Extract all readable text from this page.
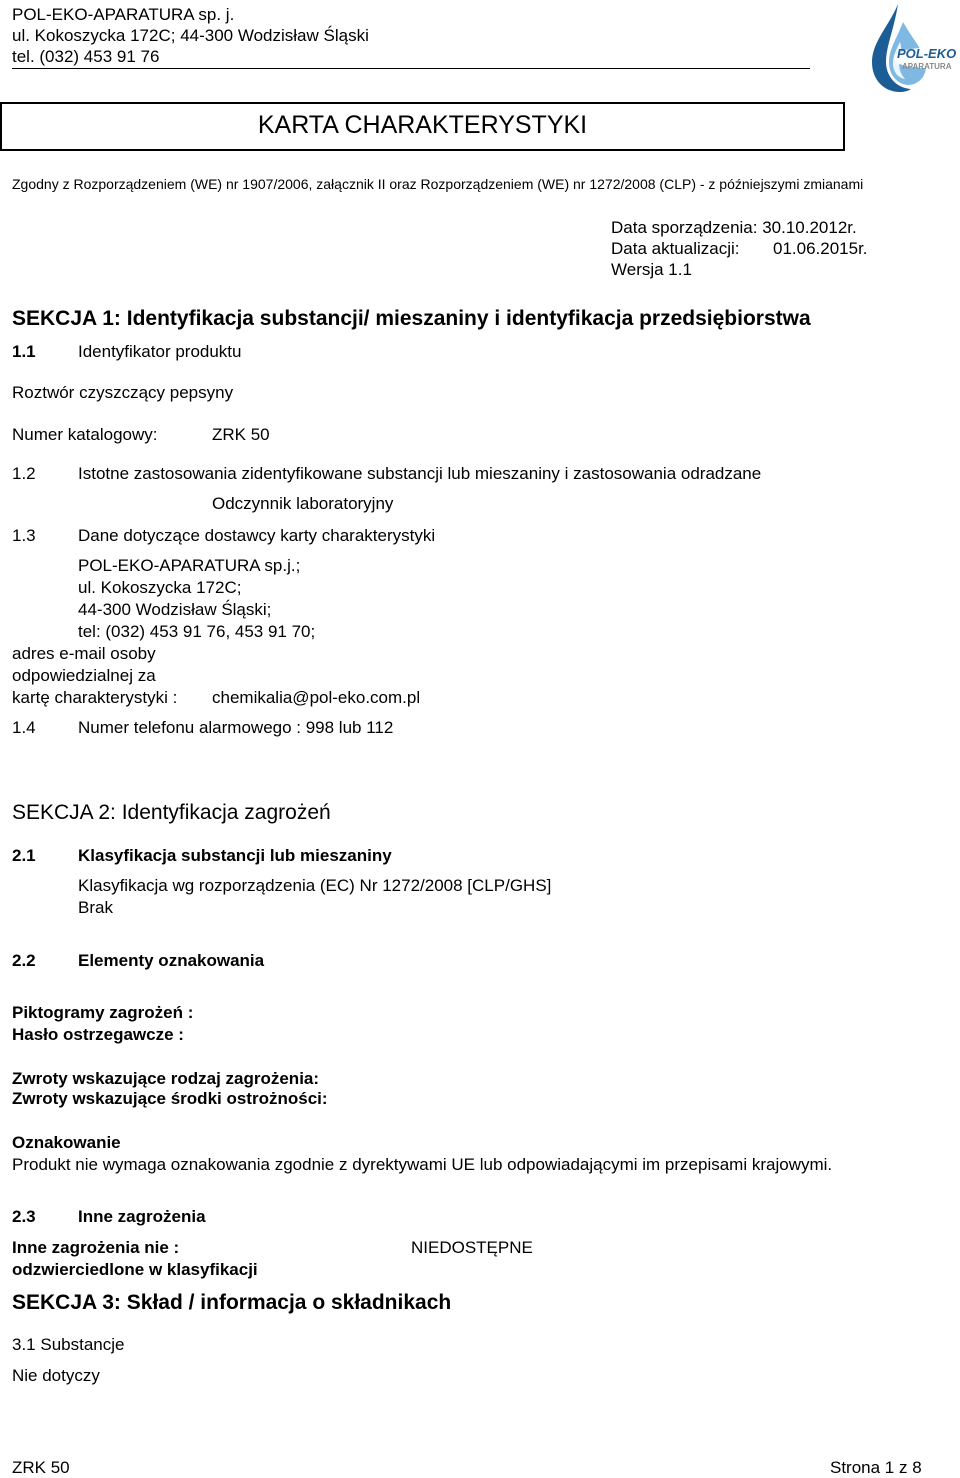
POL-EKO-APARATURA sp. j.
ul. Kokoszycka 172C; 44-300 Wodzisław Śląski
tel. (032) 453 91 76	POL-EKO
APARATURA
KARTA CHARAKTERYSTYKI
Zgodny z Rozporządzeniem (WE) nr 1907/2006, załącznik II oraz Rozporządzeniem (WE) nr 1272/2008 (CLP) - z późniejszymi zmianami
Data sporządzenia: 30.10.2012r.
Data aktualizacji: 01.06.2015r.
Wersja 1.1
SEKCJA 1: Identyfikacja substancji/ mieszaniny i identyfikacja przedsiębiorstwa
1.1 Identyfikator produktu
Roztwór czyszczący pepsyny
Numer katalogowy:	ZRK 50
1.2 Istotne zastosowania zidentyfikowane substancji lub mieszaniny i zastosowania odradzane
Odczynnik laboratoryjny
1.3 Dane dotyczące dostawcy karty charakterystyki
POL-EKO-APARATURA sp.j.;
ul. Kokoszycka 172C;
44-300 Wodzisław Śląski;
tel: (032) 453 91 76, 453 91 70;
adres e-mail osoby
odpowiedzialnej za
kartę charakterystyki : chemikalia@pol-eko.com.pl
1.4 Numer telefonu alarmowego : 998 lub 112
SEKCJA 2: Identyfikacja zagrożeń
2.1 Klasyfikacja substancji lub mieszaniny
Klasyfikacja wg rozporządzenia (EC) Nr 1272/2008 [CLP/GHS]
Brak
2.2 Elementy oznakowania
Piktogramy zagrożeń :
Hasło ostrzegawcze :
Zwroty wskazujące rodzaj zagrożenia:
Zwroty wskazujące środki ostrożności:
Oznakowanie
Produkt nie wymaga oznakowania zgodnie z dyrektywami UE lub odpowiadającymi im przepisami krajowymi.
2.3 Inne zagrożenia
Inne zagrożenia nie :
odzwierciedlone w klasyfikacji
NIEDOSTĘPNE
SEKCJA 3: Skład / informacja o składnikach
3.1 Substancje
Nie dotyczy
ZRK 50	Strona 1 z 8
